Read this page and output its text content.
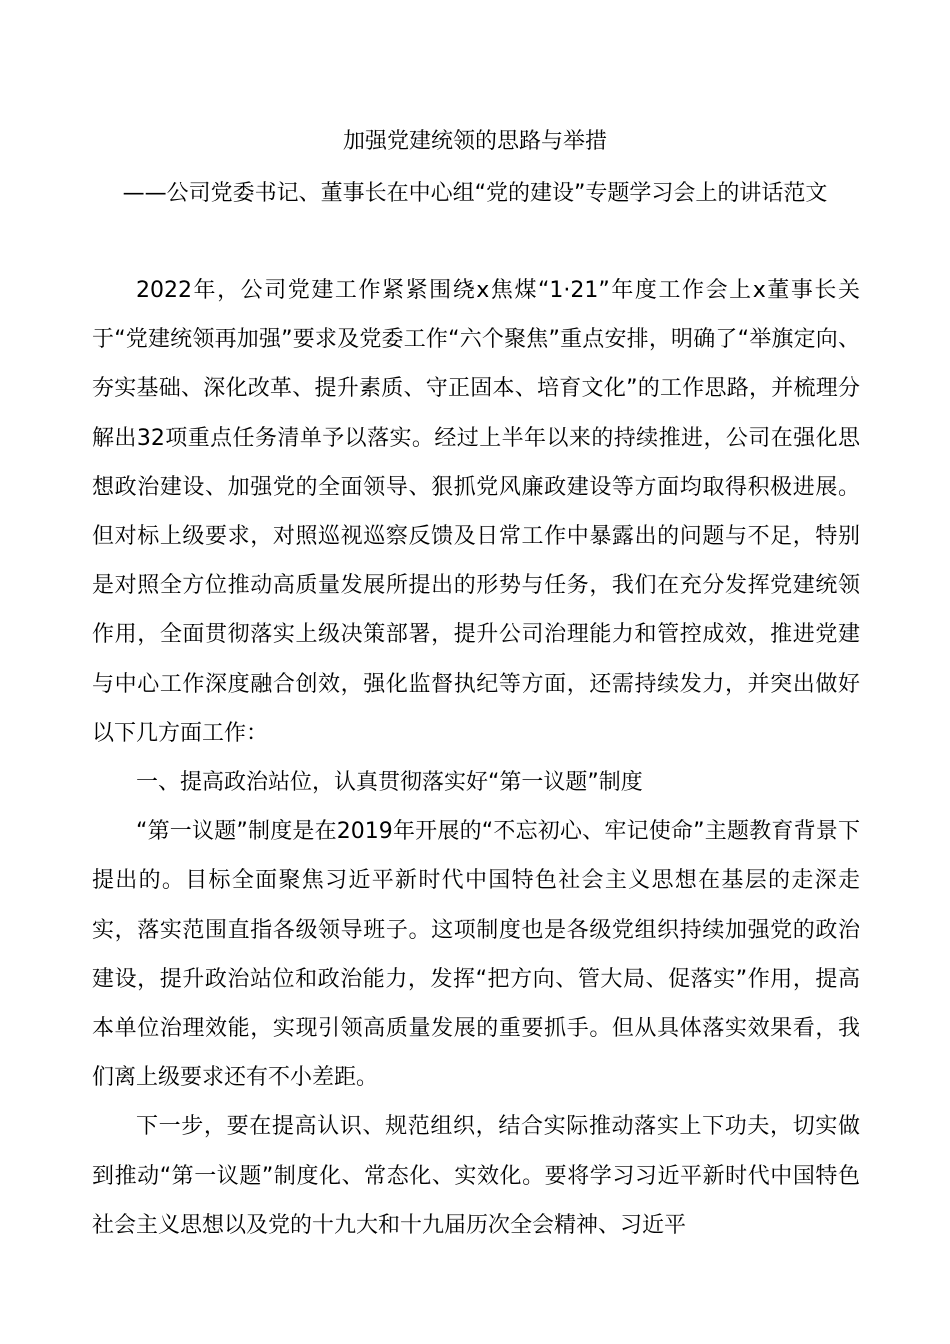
加强党建统领的思路与举措
——公司党委书记、董事长在中心组“党的建设”专题学习会上的讲话范文

2022年，公司党建工作紧紧围绕x焦煤“1·21”年度工作会上x董事长关于“党建统领再加强”要求及党委工作“六个聚焦”重点安排，明确了“举旗定向、夯实基础、深化改革、提升素质、守正固本、培育文化”的工作思路，并梳理分解出32项重点任务清单予以落实。经过上半年以来的持续推进，公司在强化思想政治建设、加强党的全面领导、狠抓党风廉政建设等方面均取得积极进展。但对标上级要求，对照巡视巡察反馈及日常工作中暴露出的问题与不足，特别是对照全方位推动高质量发展所提出的形势与任务，我们在充分发挥党建统领作用，全面贯彻落实上级决策部署，提升公司治理能力和管控成效，推进党建与中心工作深度融合创效，强化监督执纪等方面，还需持续发力，并突出做好以下几方面工作：

一、提高政治站位，认真贯彻落实好“第一议题”制度

“第一议题”制度是在2019年开展的“不忘初心、牢记使命”主题教育背景下提出的。目标全面聚焦习近平新时代中国特色社会主义思想在基层的走深走实，落实范围直指各级领导班子。这项制度也是各级党组织持续加强党的政治建设，提升政治站位和政治能力，发挥“把方向、管大局、促落实”作用，提高本单位治理效能，实现引领高质量发展的重要抓手。但从具体落实效果看，我们离上级要求还有不小差距。

下一步，要在提高认识、规范组织，结合实际推动落实上下功夫，切实做到推动“第一议题”制度化、常态化、实效化。要将学习习近平新时代中国特色社会主义思想以及党的十九大和十九届历次全会精神、习近平
